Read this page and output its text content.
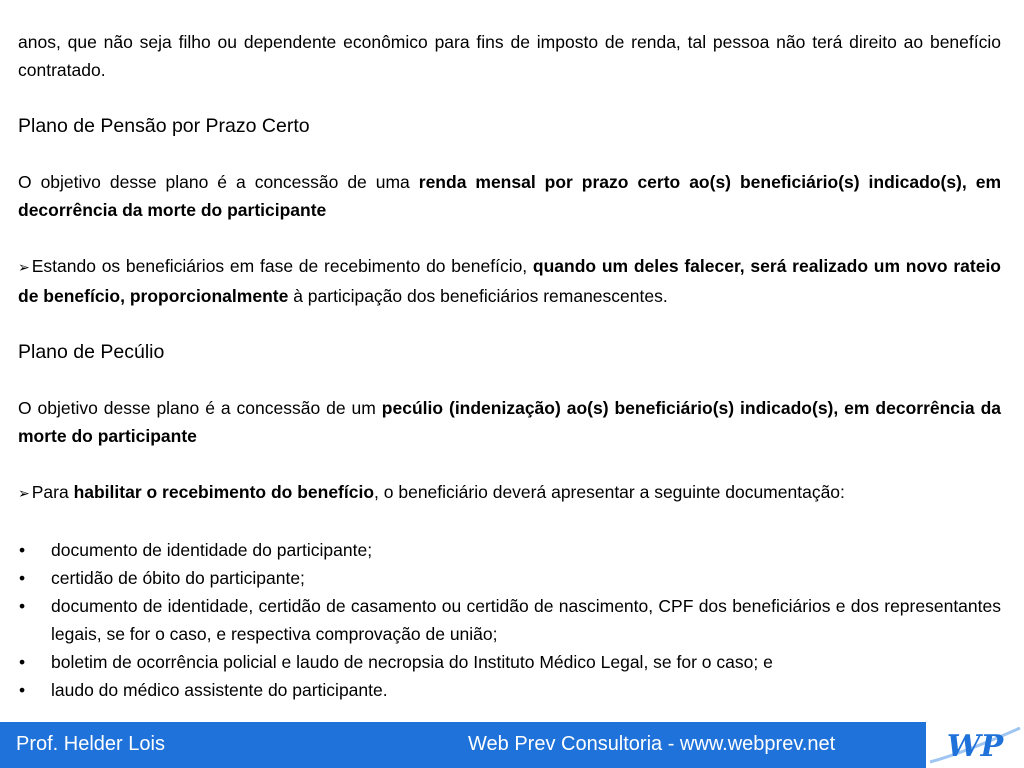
anos, que não seja filho ou dependente econômico para fins de imposto de renda, tal pessoa não terá direito ao benefício contratado.

Plano de Pensão por Prazo Certo

O objetivo desse plano é a concessão de uma renda mensal por prazo certo ao(s) beneficiário(s) indicado(s), em decorrência da morte do participante

➢ Estando os beneficiários em fase de recebimento do benefício, quando um deles falecer, será realizado um novo rateio de benefício, proporcionalmente à participação dos beneficiários remanescentes.

Plano de Pecúlio

O objetivo desse plano é a concessão de um pecúlio (indenização) ao(s) beneficiário(s) indicado(s), em decorrência da morte do participante

➢ Para habilitar o recebimento do benefício, o beneficiário deverá apresentar a seguinte documentação:

• documento de identidade do participante;
• certidão de óbito do participante;
• documento de identidade, certidão de casamento ou certidão de nascimento, CPF dos beneficiários e dos representantes legais, se for o caso, e respectiva comprovação de união;
• boletim de ocorrência policial e laudo de necropsia do Instituto Médico Legal, se for o caso; e
• laudo do médico assistente do participante.
Prof. Helder Lois	Web Prev Consultoria - www.webprev.net	WP
